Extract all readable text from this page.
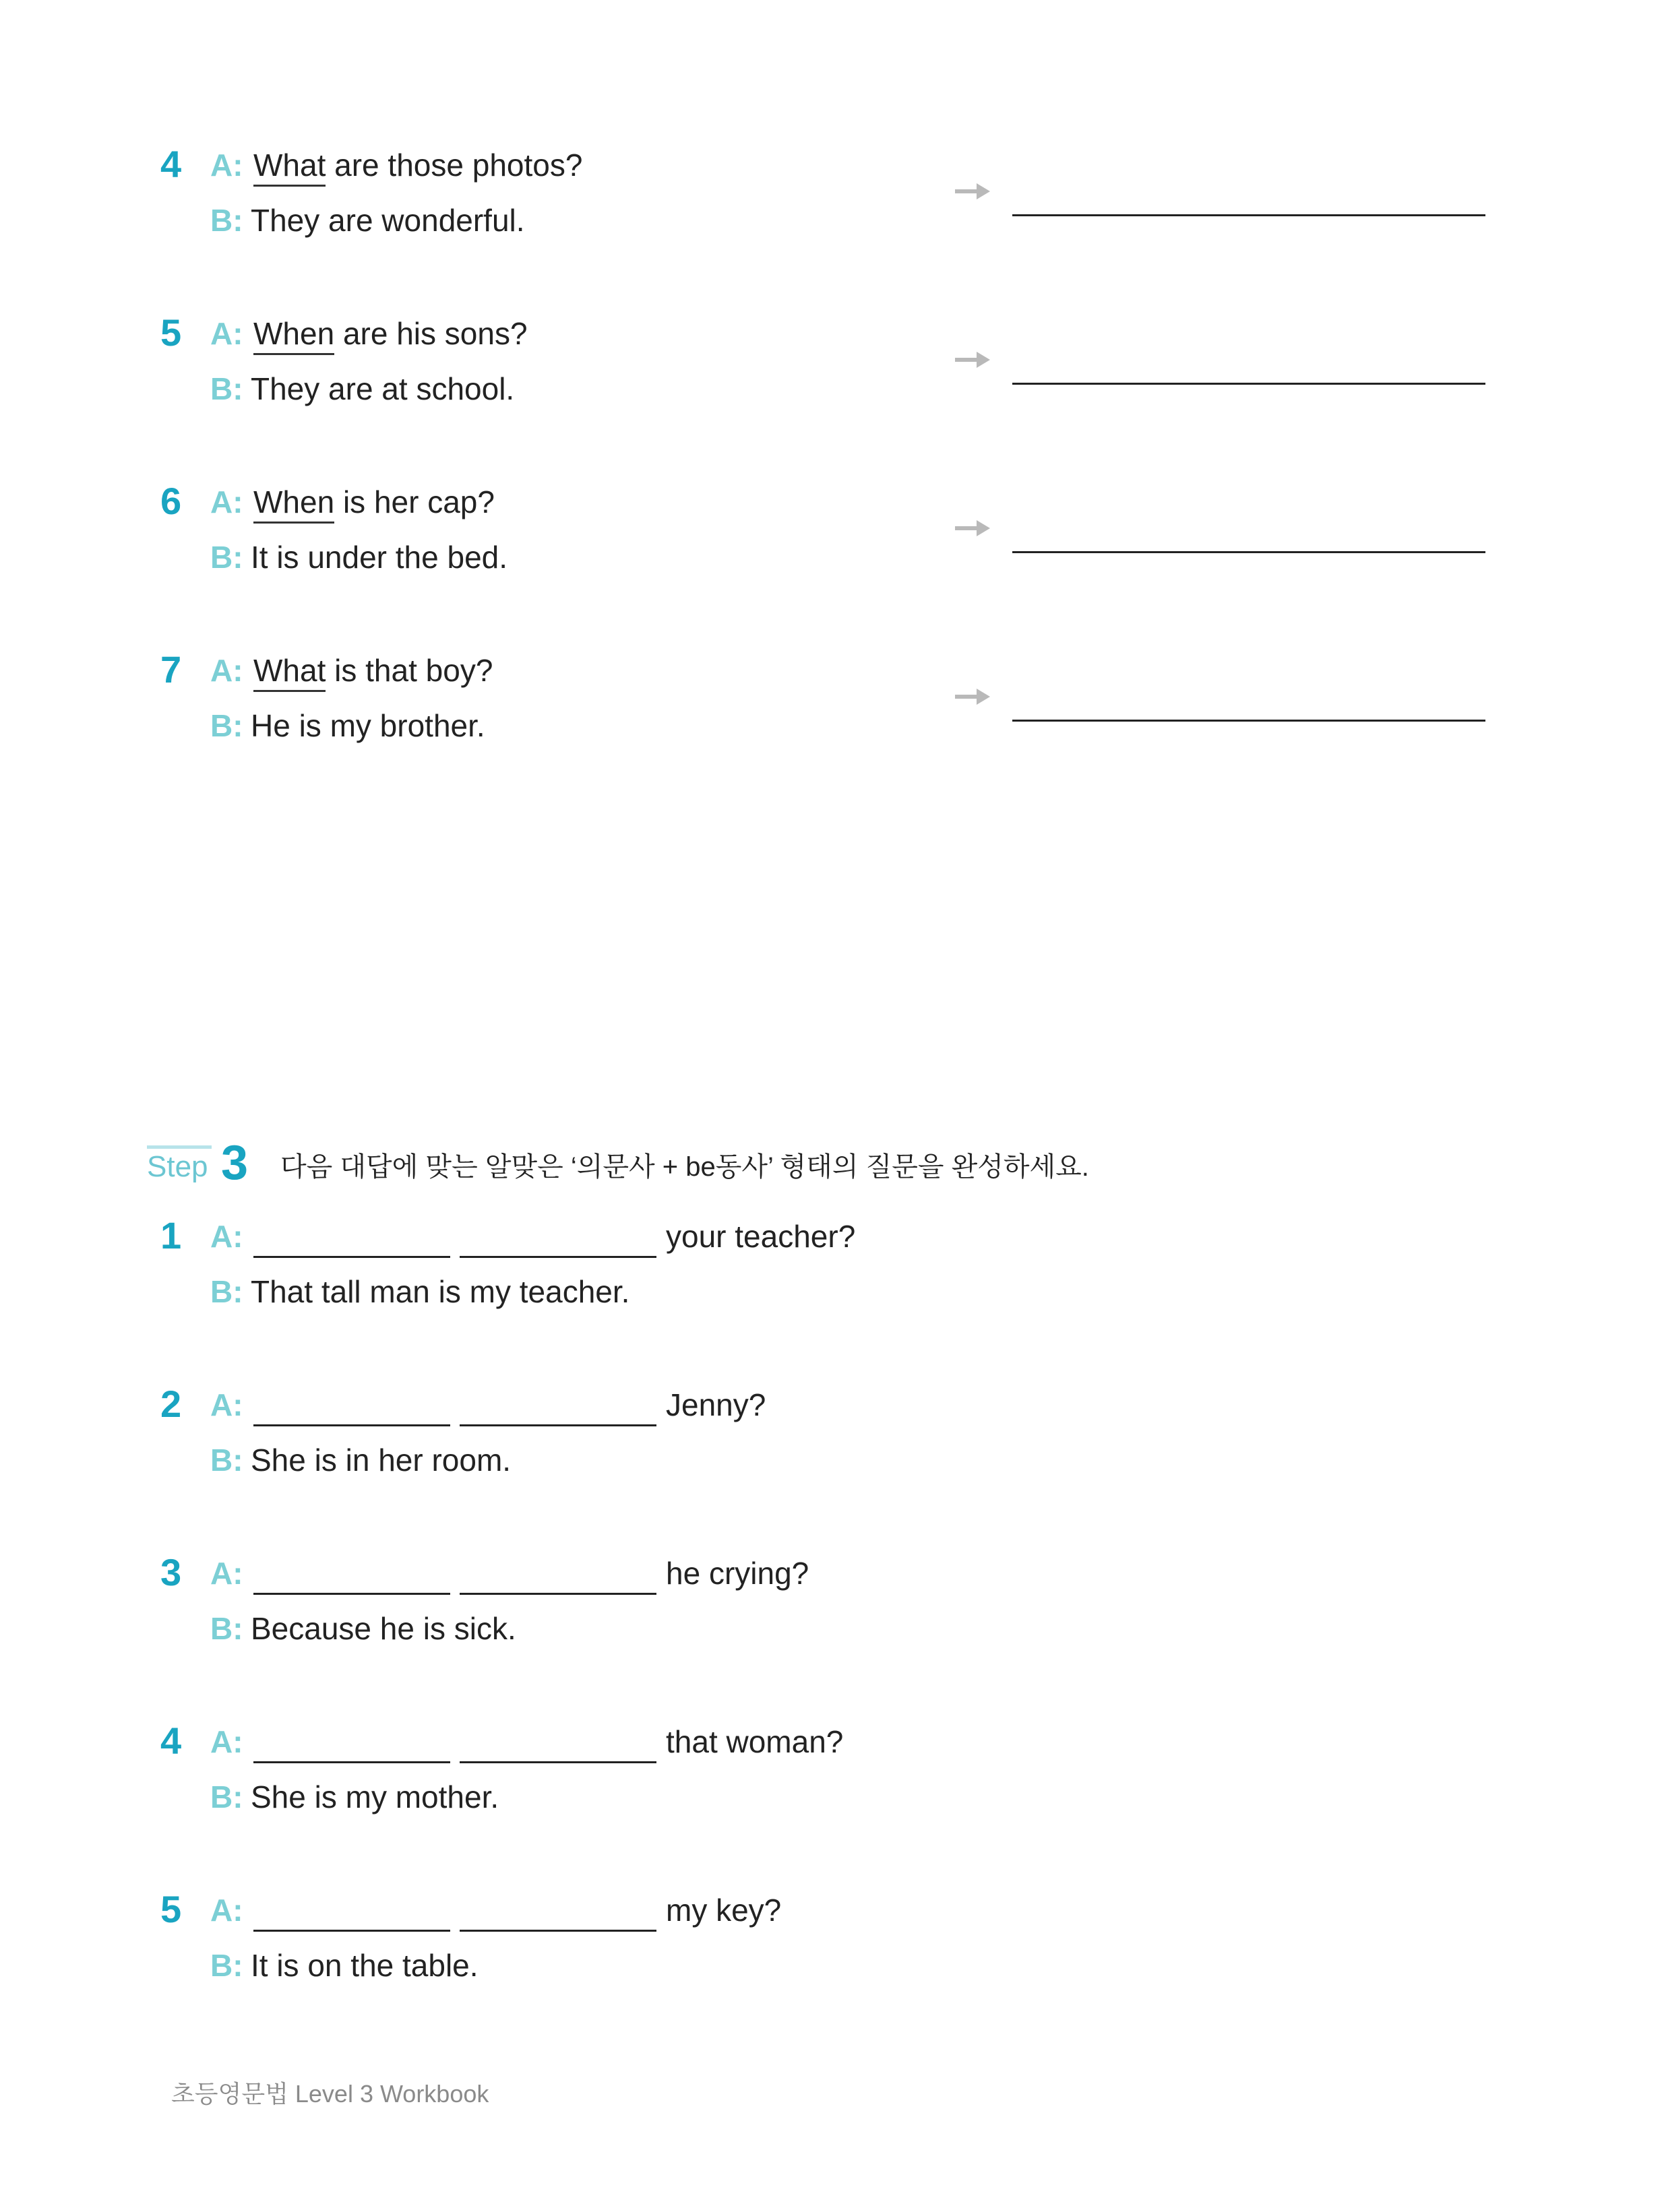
4 A: What are those photos?
B: They are wonderful.
5 A: When are his sons?
B: They are at school.
6 A: When is her cap?
B: It is under the bed.
7 A: What is that boy?
B: He is my brother.
Step 3 다음 대답에 맞는 알맞은 ‘의문사 + be동사’ 형태의 질문을 완성하세요.
1 A:	your teacher?
B: That tall man is my teacher.
2 A:	Jenny?
B: She is in her room.
3 A:	he crying?
B: Because he is sick.
4 A:	that woman?
B: She is my mother.
5 A:	my key?
B: It is on the table.
초등영문법 Level 3 Workbook
